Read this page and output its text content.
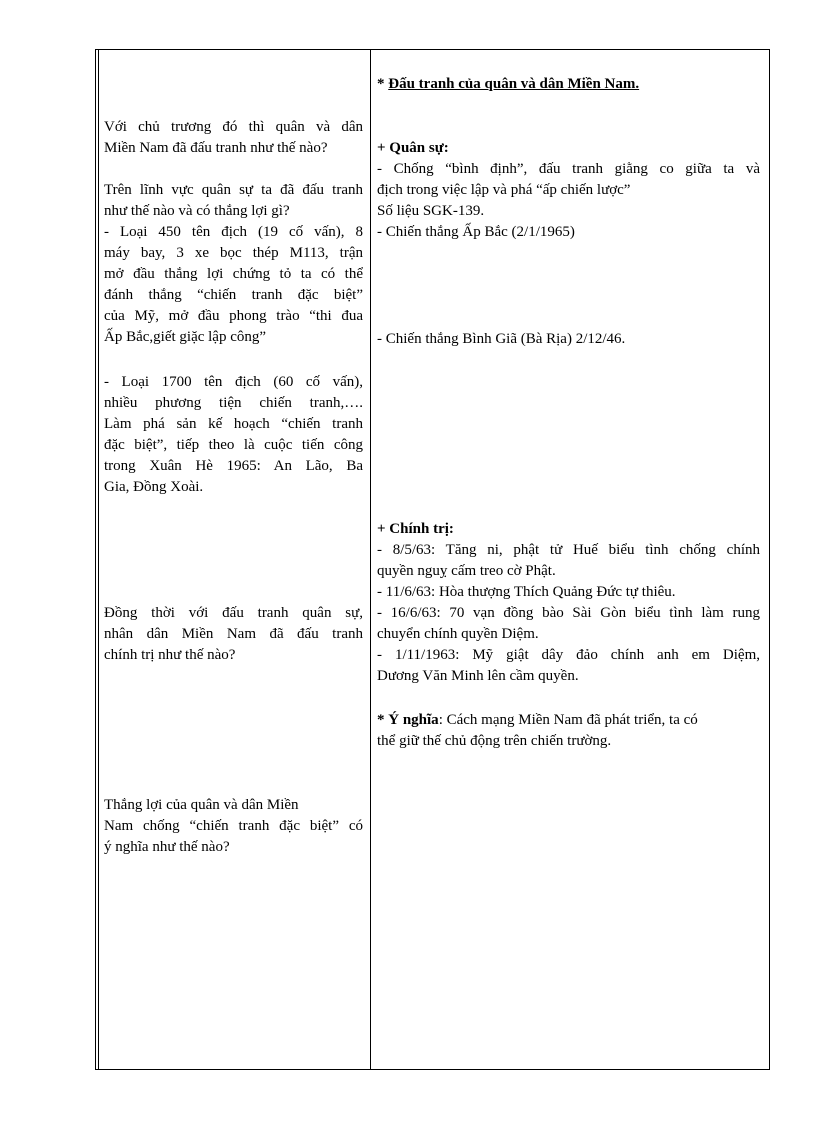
Với chủ trương đó thì quân và dân
Miền Nam đã đấu tranh như thế nào?
Trên lĩnh vực quân sự ta đã đấu tranh
như thế nào và có thắng lợi gì?
- Loại 450 tên địch (19 cố vấn), 8
máy bay, 3 xe bọc thép M113, trận
mở đầu thắng lợi chứng tỏ ta có thể
đánh thắng “chiến tranh đặc biệt”
của Mỹ, mở đầu phong trào “thi đua
Ấp Bắc,giết giặc lập công”
- Loại 1700 tên địch (60 cố vấn),
nhiều phương tiện chiến tranh,….
Làm phá sản kế hoạch “chiến tranh
đặc biệt”, tiếp theo là cuộc tiến công
trong Xuân Hè 1965: An Lão, Ba
Gia, Đồng Xoài.
Đồng thời với đấu tranh quân sự,
nhân dân Miền Nam đã đấu tranh
chính trị như thế nào?
Thắng lợi của quân và dân Miền
Nam chống “chiến tranh đặc biệt” có
ý nghĩa như thế nào?
* Đấu tranh của quân và dân Miền Nam.
+ Quân sự:
- Chống “bình định”, đấu tranh giằng co giữa ta và
địch trong việc lập và phá “ấp chiến lược”
Số liệu SGK-139.
- Chiến thắng Ấp Bắc (2/1/1965)
- Chiến thắng Bình Giã (Bà Rịa) 2/12/46.
+ Chính trị:
- 8/5/63: Tăng ni, phật tử Huế biểu tình chống chính
quyền nguỵ cấm treo cờ Phật.
- 11/6/63: Hòa thượng Thích Quảng Đức tự thiêu.
- 16/6/63: 70 vạn đồng bào Sài Gòn biểu tình làm rung
chuyển chính quyền Diệm.
- 1/11/1963: Mỹ giật dây đảo chính anh em Diệm,
Dương Văn Minh lên cầm quyền.
* Ý nghĩa: Cách mạng Miền Nam đã phát triển, ta có
thể giữ thế chủ động trên chiến trường.
